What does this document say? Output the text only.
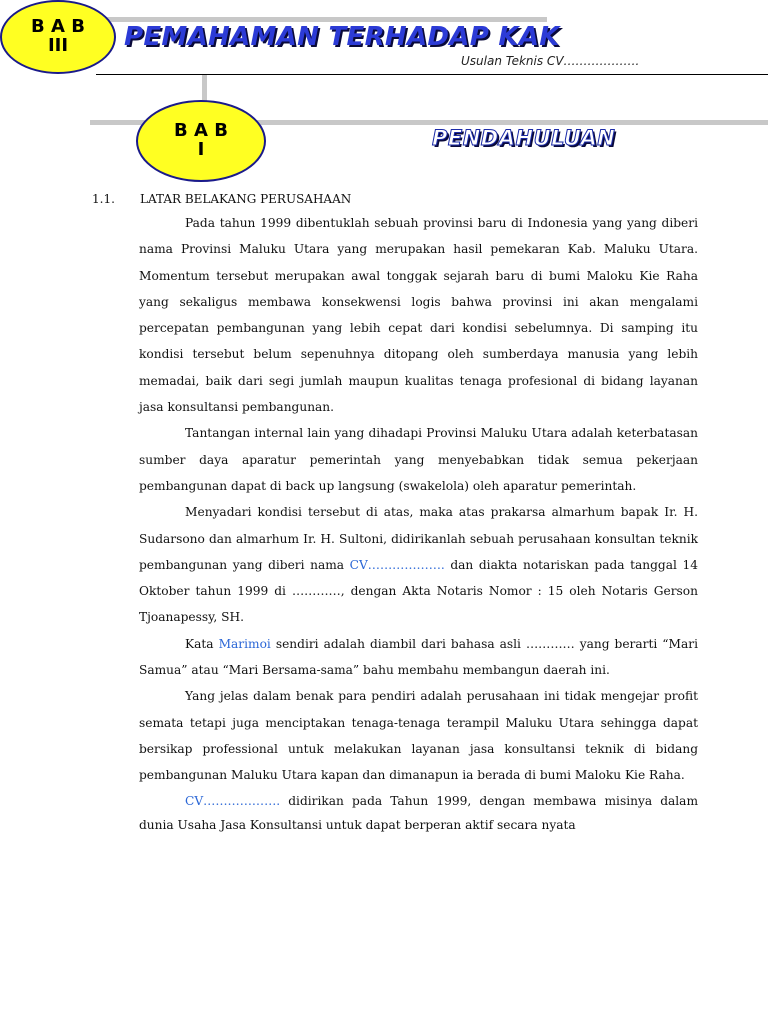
B A B
III PEMAHAMAN TERHADAP KAK
Usulan Teknis CV……………….
B A B
I	PENDAHULUAN
1.1.	LATAR BELAKANG PERUSAHAAN

Pada tahun 1999 dibentuklah sebuah provinsi baru di Indonesia yang yang diberi nama Provinsi Maluku Utara yang merupakan hasil pemekaran Kab. Maluku Utara. Momentum tersebut merupakan awal tonggak sejarah baru di bumi Maloku Kie Raha yang sekaligus membawa konsekwensi logis bahwa provinsi ini akan mengalami percepatan pembangunan yang lebih cepat dari kondisi sebelumnya. Di samping itu kondisi tersebut belum sepenuhnya ditopang oleh sumberdaya manusia yang lebih memadai, baik dari segi jumlah maupun kualitas tenaga profesional di bidang layanan jasa konsultansi pembangunan.

Tantangan internal lain yang dihadapi Provinsi Maluku Utara adalah keterbatasan sumber daya aparatur pemerintah yang menyebabkan tidak semua pekerjaan pembangunan dapat di back up langsung (swakelola) oleh aparatur pemerintah.

Menyadari kondisi tersebut di atas, maka atas prakarsa almarhum bapak Ir. H. Sudarsono dan almarhum Ir. H. Sultoni, didirikanlah sebuah perusahaan konsultan teknik pembangunan yang diberi nama CV………………. dan diakta notariskan pada tanggal 14 Oktober tahun 1999 di …………, dengan Akta Notaris Nomor : 15 oleh Notaris Gerson Tjoanapessy, SH.

Kata Marimoi sendiri adalah diambil dari bahasa asli ………… yang berarti “Mari Samua” atau “Mari Bersama-sama” bahu membahu membangun daerah ini.

Yang jelas dalam benak para pendiri adalah perusahaan ini tidak mengejar profit semata tetapi juga menciptakan tenaga-tenaga terampil Maluku Utara sehingga dapat bersikap professional untuk melakukan layanan jasa konsultansi teknik di bidang pembangunan Maluku Utara kapan dan dimanapun ia berada di bumi Maloku Kie Raha.

CV………………. didirikan pada Tahun 1999, dengan membawa misinya dalam dunia Usaha Jasa Konsultansi untuk dapat berperan aktif secara nyata
